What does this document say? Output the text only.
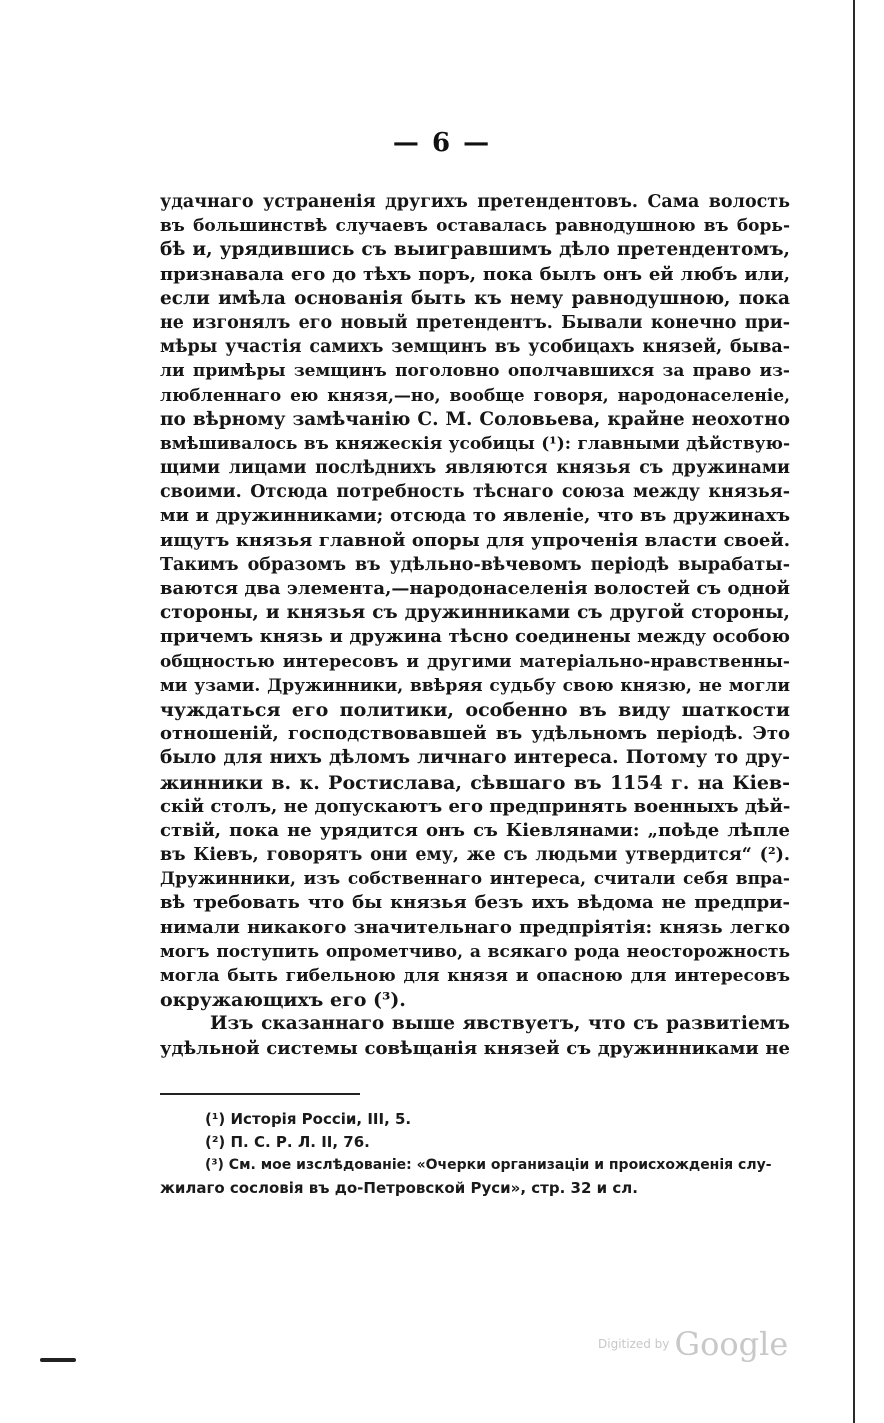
— 6 —
удачнаго устраненія другихъ претендентовъ. Сама волость
въ большинствѣ случаевъ оставалась равнодушною въ борь-
бѣ и, урядившись съ выигравшимъ дѣло претендентомъ,
признавала его до тѣхъ поръ, пока былъ онъ ей любъ или,
если имѣла основанія быть къ нему равнодушною, пока
не изгонялъ его новый претендентъ. Бывали конечно при-
мѣры участія самихъ земщинъ въ усобицахъ князей, быва-
ли примѣры земщинъ поголовно ополчавшихся за право из-
любленнаго ею князя,—но, вообще говоря, народонаселеніе,
по вѣрному замѣчанію С. М. Соловьева, крайне неохотно
вмѣшивалось въ княжескія усобицы (¹): главными дѣйствую-
щими лицами послѣднихъ являются князья съ дружинами
своими. Отсюда потребность тѣснаго союза между князья-
ми и дружинниками; отсюда то явленіе, что въ дружинахъ
ищутъ князья главной опоры для упроченія власти своей.
Такимъ образомъ въ удѣльно-вѣчевомъ періодѣ вырабаты-
ваются два элемента,—народонаселенія волостей съ одной
стороны, и князья съ дружинниками съ другой стороны,
причемъ князь и дружина тѣсно соединены между особою
общностью интересовъ и другими матеріально-нравственны-
ми узами. Дружинники, ввѣряя судьбу свою князю, не могли
чуждаться его политики, особенно въ виду шаткости
отношеній, господствовавшей въ удѣльномъ періодѣ. Это
было для нихъ дѣломъ личнаго интереса. Потому то дру-
жинники в. к. Ростислава, сѣвшаго въ 1154 г. на Кіев-
скій столъ, не допускаютъ его предпринять военныхъ дѣй-
ствій, пока не урядится онъ съ Кіевлянами: „поѣде лѣпле
въ Кіевъ, говорятъ они ему, же съ людьми утвердится“ (²).
Дружинники, изъ собственнаго интереса, считали себя впра-
вѣ требовать что бы князья безъ ихъ вѣдома не предпри-
нимали никакого значительнаго предпріятія: князь легко
могъ поступить опрометчиво, а всякаго рода неосторожность
могла быть гибельною для князя и опасною для интересовъ
окружающихъ его (³).
Изъ сказаннаго выше явствуетъ, что съ развитіемъ
удѣльной системы совѣщанія князей съ дружинниками не
(¹) Исторія Россіи, III, 5.
(²) П. С. Р. Л. II, 76.
(³) См. мое изслѣдованіе: «Очерки организаціи и происхожденія слу-
жилаго сословія въ до-Петровской Руси», стр. 32 и сл.
Digitized by Google
